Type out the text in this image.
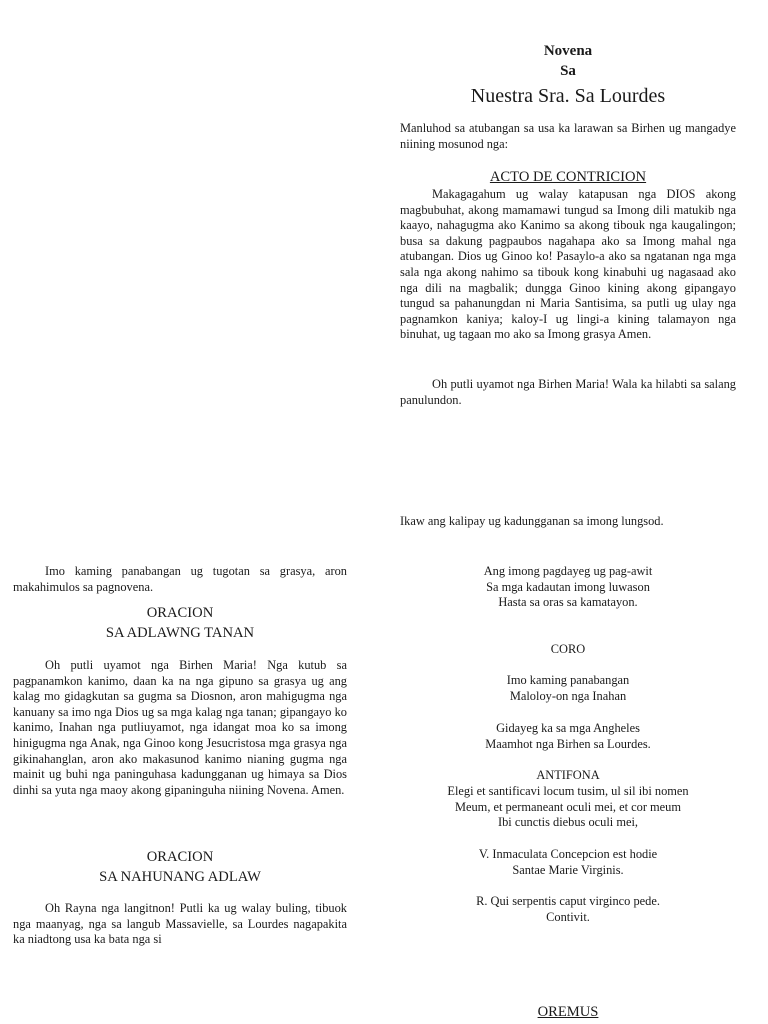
Novena
Sa
Nuestra Sra. Sa Lourdes
Manluhod sa atubangan sa usa ka larawan sa Birhen ug mangadye niining mosunod nga:
ACTO DE CONTRICION
Makagagahum ug walay katapusan nga DIOS akong magbubuhat, akong mamamawi tungud sa Imong dili matukib nga kaayo, nahagugma ako Kanimo sa akong tibouk nga kaugalingon; busa sa dakung pagpaubos nagahapa ako sa Imong mahal nga atubangan. Dios ug Ginoo ko! Pasaylo-a ako sa ngatanan nga mga sala nga akong nahimo sa tibouk kong kinabuhi ug nagasaad ako nga dili na magbalik; dungga Ginoo kining akong gipangayo tungud sa pahanungdan ni Maria Santisima, sa putli ug ulay nga pagnamkon kaniya; kaloy-I ug lingi-a kining talamayon nga binuhat, ug tagaan mo ako sa Imong grasya Amen.
Oh putli uyamot nga Birhen Maria! Wala ka hilabti sa salang panulundon.
Ikaw ang kalipay ug kadungganan sa imong lungsod.
Ang imong pagdayeg ug pag-awit
Sa mga kadautan imong luwason
Hasta sa oras sa kamatayon.
CORO
Imo kaming panabangan
Maloloy-on nga Inahan
Gidayeg ka sa mga Angheles
Maamhot nga Birhen sa Lourdes.
ANTIFONA
Elegi et santificavi locum tusim, ul sil ibi nomen
Meum, et permaneant oculi mei, et cor meum
Ibi cunctis diebus oculi mei,
V. Inmaculata Concepcion est hodie
Santae Marie Virginis.
R. Qui serpentis caput virginco pede.
Contivit.
OREMUS
Imo kaming panabangan ug tugotan sa grasya, aron makahimulos sa pagnovena.
ORACION
SA ADLAWNG TANAN
Oh putli uyamot nga Birhen Maria! Nga kutub sa pagpanamkon kanimo, daan ka na nga gipuno sa grasya ug ang kalag mo gidagkutan sa gugma sa Diosnon, aron mahigugma nga kanuany sa imo nga Dios ug sa mga kalag nga tanan; gipangayo ko kanimo, Inahan nga putliuyamot, nga idangat moa ko sa imong hinigugma nga Anak, nga Ginoo kong Jesucristosa mga grasya nga gikinahanglan, aron ako makasunod kanimo nianing gugma nga mainit ug buhi nga paninguhasa kadungganan ug himaya sa Dios dinhi sa yuta nga maoy akong gipaninguha niining Novena. Amen.
ORACION
SA NAHUNANG ADLAW
Oh Rayna nga langitnon! Putli ka ug walay buling, tibuok nga maanyag, nga sa langub Massavielle, sa Lourdes nagapakita ka niadtong usa ka bata nga si
